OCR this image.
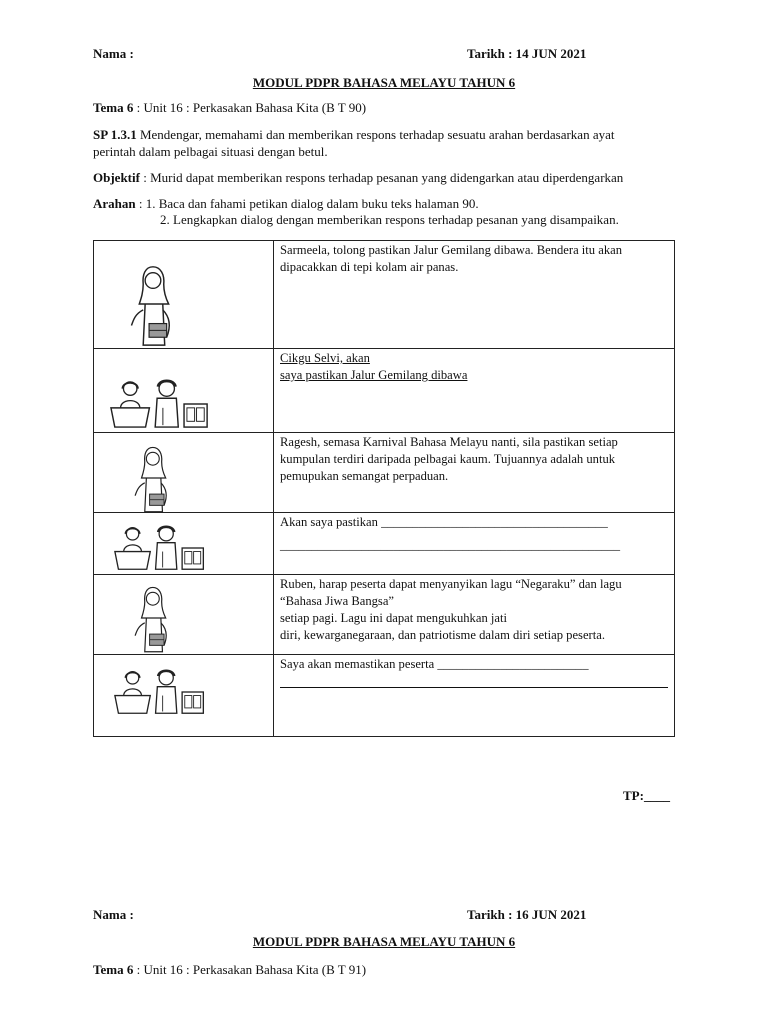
Nama :	Tarikh : 14 JUN 2021
MODUL PDPR BAHASA MELAYU TAHUN 6
Tema 6 : Unit 16 : Perkasakan Bahasa Kita (B T 90)
SP 1.3.1 Mendengar, memahami dan memberikan respons terhadap sesuatu arahan berdasarkan ayat
perintah dalam pelbagai situasi dengan betul.
Objektif : Murid dapat memberikan respons terhadap pesanan yang didengarkan atau diperdengarkan
Arahan : 1. Baca dan fahami petikan dialog dalam buku teks halaman 90.
2. Lengkapkan dialog dengan memberikan respons terhadap pesanan yang disampaikan.
	Sarmeela, tolong pastikan Jalur Gemilang dibawa. Bendera itu akan dipacakkan di tepi kolam air panas.

Cikgu Selvi, akan
saya pastikan Jalur Gemilang dibawa

	Ragesh, semasa Karnival Bahasa Melayu nanti, sila pastikan setiap kumpulan terdiri daripada pelbagai kaum. Tujuannya adalah untuk pemupukan semangat perpaduan.

Akan saya pastikan ____________________________________
______________________________________________________

Ruben, harap peserta dapat menyanyikan lagu “Negaraku” dan lagu
“Bahasa Jiwa Bangsa”
setiap pagi. Lagu ini dapat mengukuhkan jati
diri, kewarganegaraan, dan patriotisme dalam diri setiap peserta.

Saya akan memastikan peserta ________________________
TP:____
Nama :	Tarikh : 16 JUN 2021
MODUL PDPR BAHASA MELAYU TAHUN 6
Tema 6 : Unit 16 : Perkasakan Bahasa Kita (B T 91)
